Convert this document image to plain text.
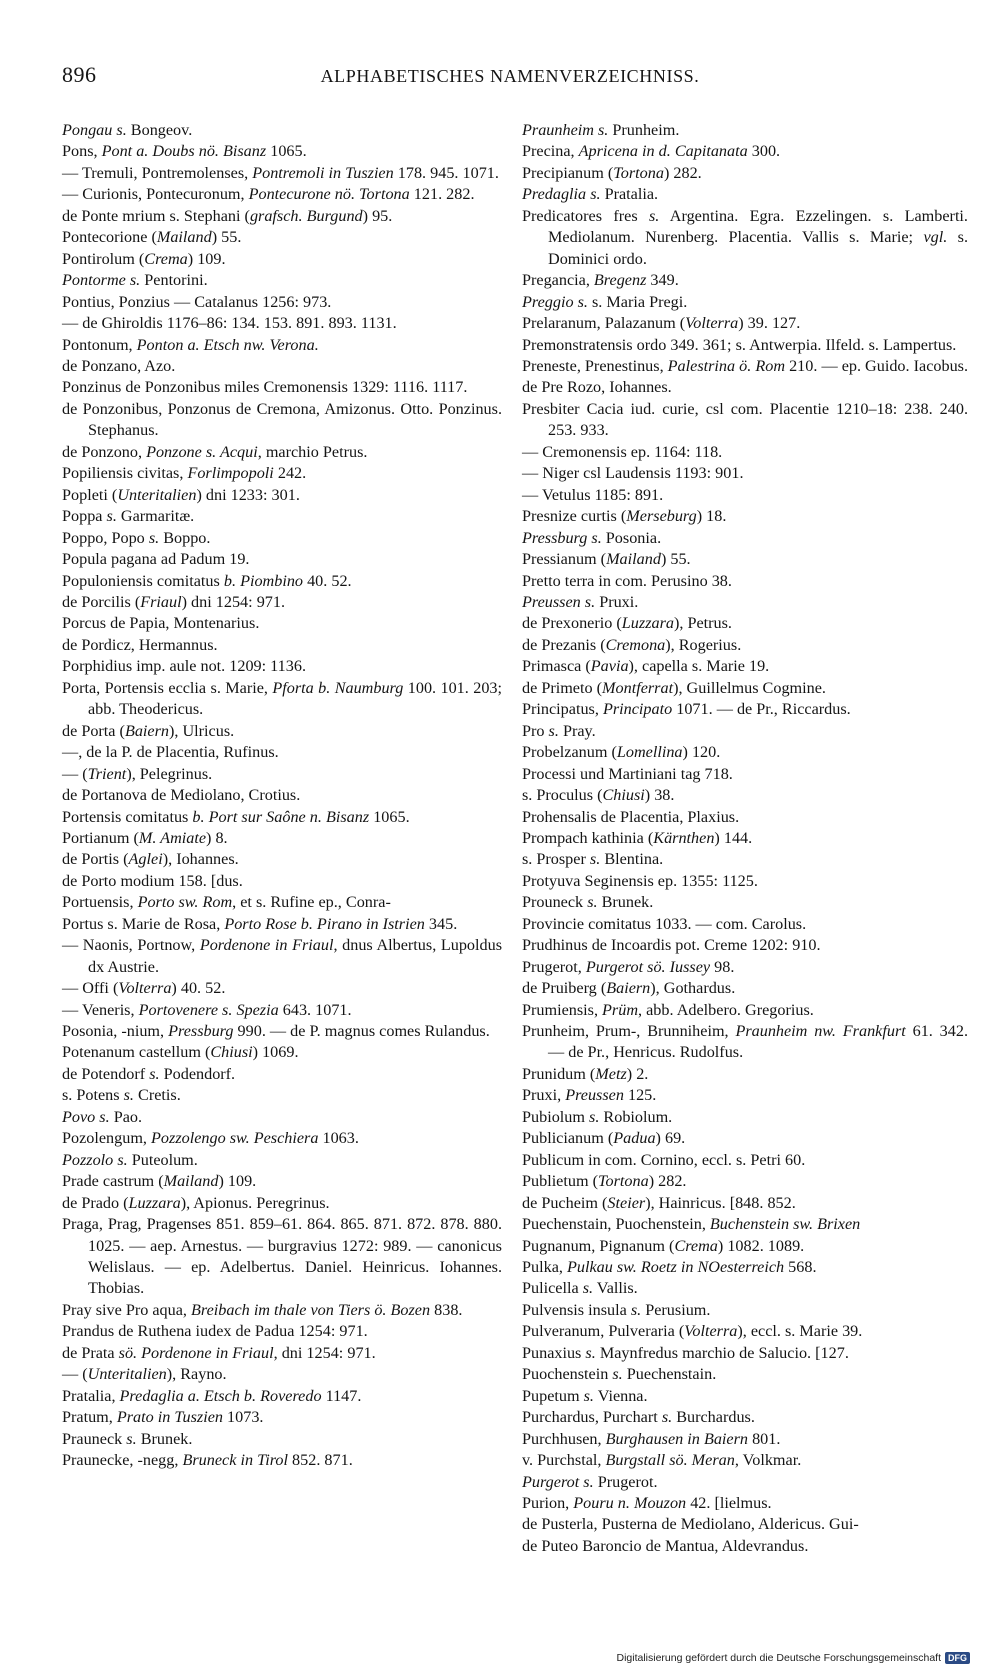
896	ALPHABETISCHES NAMENVERZEICHNISS.
Pongau s. Bongeov.
Pons, Pont a. Doubs nö. Bisanz 1065.
— Tremuli, Pontremolenses, Pontremoli in Tuszien 178. 945. 1071.
— Curionis, Pontecuronum, Pontecurone nö. Tortona 121. 282.
de Ponte mrium s. Stephani (grafsch. Burgund) 95.
Pontecorione (Mailand) 55.
Pontirolum (Crema) 109.
Pontorme s. Pentorini.
Pontius, Ponzius — Catalanus 1256: 973.
— de Ghiroldis 1176–86: 134. 153. 891. 893. 1131.
Pontonum, Ponton a. Etsch nw. Verona.
de Ponzano, Azo.
Ponzinus de Ponzonibus miles Cremonensis 1329: 1116. 1117.
de Ponzonibus, Ponzonus de Cremona, Amizonus. Otto. Ponzinus. Stephanus.
de Ponzono, Ponzone s. Acqui, marchio Petrus.
Popiliensis civitas, Forlimpopoli 242.
Popleti (Unteritalien) dni 1233: 301.
Poppa s. Garmaritæ.
Poppo, Popo s. Boppo.
Popula pagana ad Padum 19.
Populoniensis comitatus b. Piombino 40. 52.
de Porcilis (Friaul) dni 1254: 971.
Porcus de Papia, Montenarius.
de Pordicz, Hermannus.
Porphidius imp. aule not. 1209: 1136.
Porta, Portensis ecclia s. Marie, Pforta b. Naumburg 100. 101. 203; abb. Theodericus.
de Porta (Baiern), Ulricus.
—, de la P. de Placentia, Rufinus.
— (Trient), Pelegrinus.
de Portanova de Mediolano, Crotius.
Portensis comitatus b. Port sur Saône n. Bisanz 1065.
Portianum (M. Amiate) 8.
de Portis (Aglei), Iohannes.
de Porto modium 158. [dus.
Portuensis, Porto sw. Rom, et s. Rufine ep., Conra-
Portus s. Marie de Rosa, Porto Rose b. Pirano in Istrien 345.
— Naonis, Portnow, Pordenone in Friaul, dnus Albertus, Lupoldus dx Austrie.
— Offi (Volterra) 40. 52.
— Veneris, Portovenere s. Spezia 643. 1071.
Posonia, -nium, Pressburg 990. — de P. magnus comes Rulandus.
Potenanum castellum (Chiusi) 1069.
de Potendorf s. Podendorf.
s. Potens s. Cretis.
Povo s. Pao.
Pozolengum, Pozzolengo sw. Peschiera 1063.
Pozzolo s. Puteolum.
Prade castrum (Mailand) 109.
de Prado (Luzzara), Apionus. Peregrinus.
Praga, Prag, Pragenses 851. 859–61. 864. 865. 871. 872. 878. 880. 1025. — aep. Arnestus. — burgravius 1272: 989. — canonicus Welislaus. — ep. Adelbertus. Daniel. Heinricus. Iohannes. Thobias.
Pray sive Pro aqua, Breibach im thale von Tiers ö. Bozen 838.
Prandus de Ruthena iudex de Padua 1254: 971.
de Prata sö. Pordenone in Friaul, dni 1254: 971.
— (Unteritalien), Rayno.
Pratalia, Predaglia a. Etsch b. Roveredo 1147.
Pratum, Prato in Tuszien 1073.
Prauneck s. Brunek.
Praunecke, -negg, Bruneck in Tirol 852. 871.
Praunheim s. Prunheim.
Precina, Apricena in d. Capitanata 300.
Precipianum (Tortona) 282.
Predaglia s. Pratalia.
Predicatores fres s. Argentina. Egra. Ezzelingen. s. Lamberti. Mediolanum. Nurenberg. Placentia. Vallis s. Marie; vgl. s. Dominici ordo.
Pregancia, Bregenz 349.
Preggio s. s. Maria Pregi.
Prelaranum, Palazanum (Volterra) 39. 127.
Premonstratensis ordo 349. 361; s. Antwerpia. Ilfeld. s. Lampertus.
Preneste, Prenestinus, Palestrina ö. Rom 210. — ep. Guido. Iacobus.
de Pre Rozo, Iohannes.
Presbiter Cacia iud. curie, csl com. Placentie 1210–18: 238. 240. 253. 933.
— Cremonensis ep. 1164: 118.
— Niger csl Laudensis 1193: 901.
— Vetulus 1185: 891.
Presnize curtis (Merseburg) 18.
Pressburg s. Posonia.
Pressianum (Mailand) 55.
Pretto terra in com. Perusino 38.
Preussen s. Pruxi.
de Prexonerio (Luzzara), Petrus.
de Prezanis (Cremona), Rogerius.
Primasca (Pavia), capella s. Marie 19.
de Primeto (Montferrat), Guillelmus Cogmine.
Principatus, Principato 1071. — de Pr., Riccardus.
Pro s. Pray.
Probelzanum (Lomellina) 120.
Processi und Martiniani tag 718.
s. Proculus (Chiusi) 38.
Prohensalis de Placentia, Plaxius.
Prompach kathinia (Kärnthen) 144.
s. Prosper s. Blentina.
Protyuva Seginensis ep. 1355: 1125.
Prouneck s. Brunek.
Provincie comitatus 1033. — com. Carolus.
Prudhinus de Incoardis pot. Creme 1202: 910.
Prugerot, Purgerot sö. Iussey 98.
de Pruiberg (Baiern), Gothardus.
Prumiensis, Prüm, abb. Adelbero. Gregorius.
Prunheim, Prum-, Brunniheim, Praunheim nw. Frankfurt 61. 342. — de Pr., Henricus. Rudolfus.
Prunidum (Metz) 2.
Pruxi, Preussen 125.
Pubiolum s. Robiolum.
Publicianum (Padua) 69.
Publicum in com. Cornino, eccl. s. Petri 60.
Publietum (Tortona) 282.
de Pucheim (Steier), Hainricus. [848. 852.
Puechenstain, Puochenstein, Buchenstein sw. Brixen
Pugnanum, Pignanum (Crema) 1082. 1089.
Pulka, Pulkau sw. Roetz in NOesterreich 568.
Pulicella s. Vallis.
Pulvensis insula s. Perusium.
Pulveranum, Pulveraria (Volterra), eccl. s. Marie 39.
Punaxius s. Maynfredus marchio de Salucio. [127.
Puochenstein s. Puechenstain.
Pupetum s. Vienna.
Purchardus, Purchart s. Burchardus.
Purchhusen, Burghausen in Baiern 801.
v. Purchstal, Burgstall sö. Meran, Volkmar.
Purgerot s. Prugerot.
Purion, Pouru n. Mouzon 42. [lielmus.
de Pusterla, Pusterna de Mediolano, Aldericus. Gui-
de Puteo Baroncio de Mantua, Aldevrandus.
Digitalisierung gefördert durch die Deutsche Forschungsgemeinschaft DFG
